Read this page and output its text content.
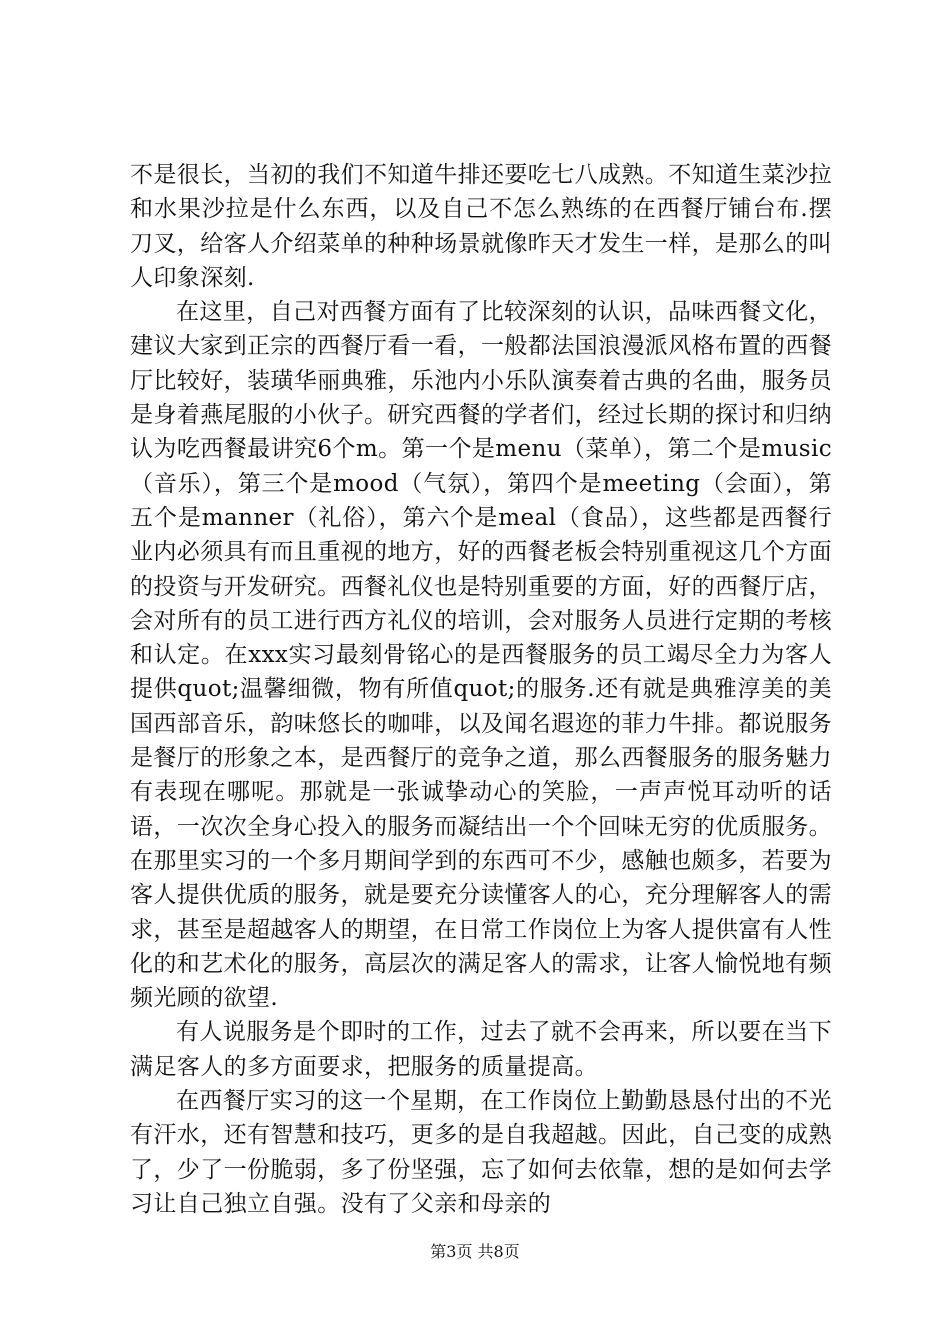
不是很长，当初的我们不知道牛排还要吃七八成熟。不知道生菜沙拉和水果沙拉是什么东西，以及自己不怎么熟练的在西餐厅铺台布.摆刀叉，给客人介绍菜单的种种场景就像昨天才发生一样，是那么的叫人印象深刻.

在这里，自己对西餐方面有了比较深刻的认识，品味西餐文化，建议大家到正宗的西餐厅看一看，一般都法国浪漫派风格布置的西餐厅比较好，装璜华丽典雅，乐池内小乐队演奏着古典的名曲，服务员是身着燕尾服的小伙子。研究西餐的学者们，经过长期的探讨和归纳认为吃西餐最讲究6个m。第一个是menu（菜单），第二个是music（音乐），第三个是mood（气氛），第四个是meeting（会面），第五个是manner（礼俗），第六个是meal（食品），这些都是西餐行业内必须具有而且重视的地方，好的西餐老板会特别重视这几个方面的投资与开发研究。西餐礼仪也是特别重要的方面，好的西餐厅店，会对所有的员工进行西方礼仪的培训，会对服务人员进行定期的考核和认定。在xxx实习最刻骨铭心的是西餐服务的员工竭尽全力为客人提供quot;温馨细微，物有所值quot;的服务.还有就是典雅淳美的美国西部音乐，韵味悠长的咖啡，以及闻名遐迩的菲力牛排。都说服务是餐厅的形象之本，是西餐厅的竞争之道，那么西餐服务的服务魅力有表现在哪呢。那就是一张诚挚动心的笑脸，一声声悦耳动听的话语，一次次全身心投入的服务而凝结出一个个回味无穷的优质服务。在那里实习的一个多月期间学到的东西可不少，感触也颇多，若要为客人提供优质的服务，就是要充分读懂客人的心，充分理解客人的需求，甚至是超越客人的期望，在日常工作岗位上为客人提供富有人性化的和艺术化的服务，高层次的满足客人的需求，让客人愉悦地有频频光顾的欲望.

有人说服务是个即时的工作，过去了就不会再来，所以要在当下满足客人的多方面要求，把服务的质量提高。

在西餐厅实习的这一个星期，在工作岗位上勤勤恳恳付出的不光有汗水，还有智慧和技巧，更多的是自我超越。因此，自己变的成熟了，少了一份脆弱，多了份坚强，忘了如何去依靠，想的是如何去学习让自己独立自强。没有了父亲和母亲的

第3页 共8页
